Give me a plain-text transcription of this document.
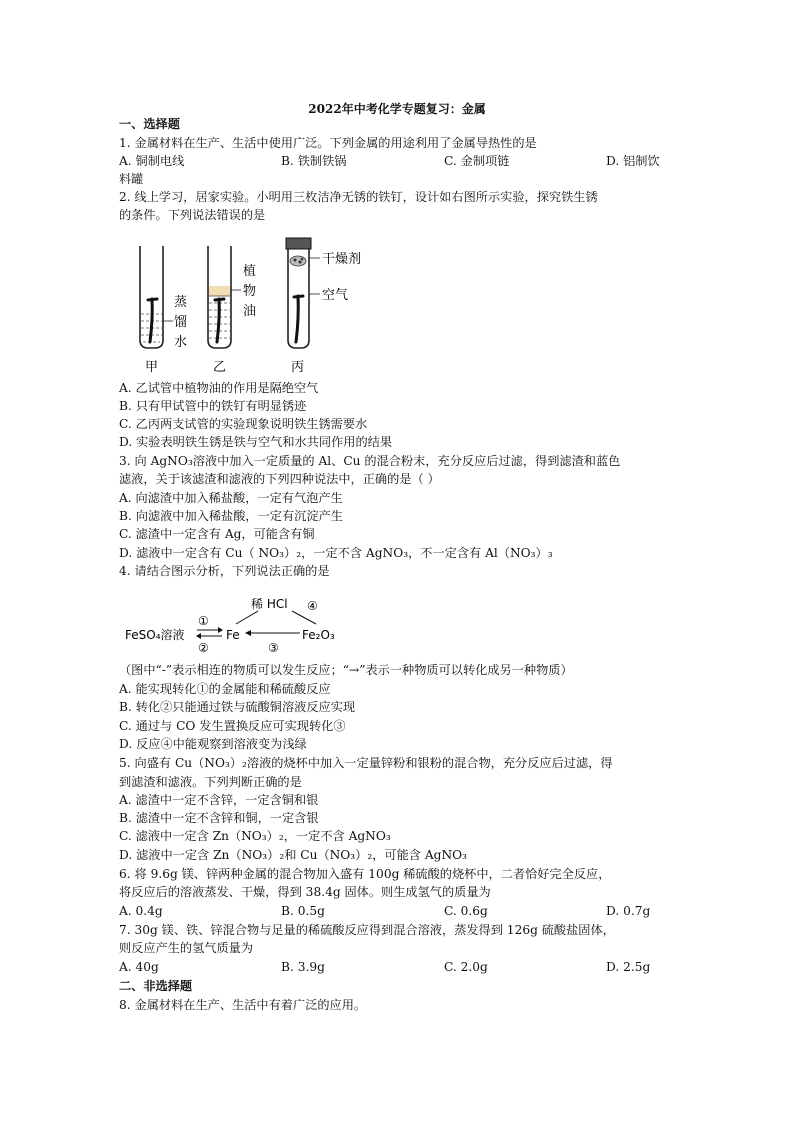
2022年中考化学专题复习：金属
一、选择题
1. 金属材料在生产、生活中使用广泛。下列金属的用途利用了金属导热性的是
A. 铜制电线	B. 铁制铁锅	C. 金制项链	D. 铝制饮
料罐
2. 线上学习，居家实验。小明用三枚洁净无锈的铁钉，设计如右图所示实验，探究铁生锈
的条件。下列说法错误的是
蒸
馏
水
植
物
油
干燥剂
空气
甲	乙	丙
稀 HCl
FeSO₄溶液	Fe	Fe₂O₃
①
②	③
④
A. 乙试管中植物油的作用是隔绝空气
B. 只有甲试管中的铁钉有明显锈迹
C. 乙丙两支试管的实验现象说明铁生锈需要水
D. 实验表明铁生锈是铁与空气和水共同作用的结果
3. 向 AgNO₃溶液中加入一定质量的 Al、Cu 的混合粉末，充分反应后过滤，得到滤渣和蓝色
滤液，关于该滤渣和滤液的下列四种说法中，正确的是（ ）
A. 向滤渣中加入稀盐酸，一定有气泡产生
B. 向滤液中加入稀盐酸，一定有沉淀产生
C. 滤渣中一定含有 Ag，可能含有铜
D. 滤液中一定含有 Cu（ NO₃）₂，一定不含 AgNO₃，不一定含有 Al（NO₃）₃
4. 请结合图示分析，下列说法正确的是
（图中“-”表示相连的物质可以发生反应；“→”表示一种物质可以转化成另一种物质）
A. 能实现转化①的金属能和稀硫酸反应
B. 转化②只能通过铁与硫酸铜溶液反应实现
C. 通过与 CO 发生置换反应可实现转化③
D. 反应④中能观察到溶液变为浅绿
5. 向盛有 Cu（NO₃）₂溶液的烧杯中加入一定量锌粉和银粉的混合物，充分反应后过滤，得
到滤渣和滤液。下列判断正确的是
A. 滤渣中一定不含锌，一定含铜和银
B. 滤渣中一定不含锌和铜，一定含银
C. 滤液中一定含 Zn（NO₃）₂，一定不含 AgNO₃
D. 滤液中一定含 Zn（NO₃）₂和 Cu（NO₃）₂，可能含 AgNO₃
6. 将 9.6g 镁、锌两种金属的混合物加入盛有 100g 稀硫酸的烧杯中，二者恰好完全反应，
将反应后的溶液蒸发、干燥，得到 38.4g 固体。则生成氢气的质量为
A. 0.4g	B. 0.5g	C. 0.6g	D. 0.7g
7. 30g 镁、铁、锌混合物与足量的稀硫酸反应得到混合溶液，蒸发得到 126g 硫酸盐固体，
则反应产生的氢气质量为
A. 40g	B. 3.9g	C. 2.0g	D. 2.5g
二、非选择题
8. 金属材料在生产、生活中有着广泛的应用。
